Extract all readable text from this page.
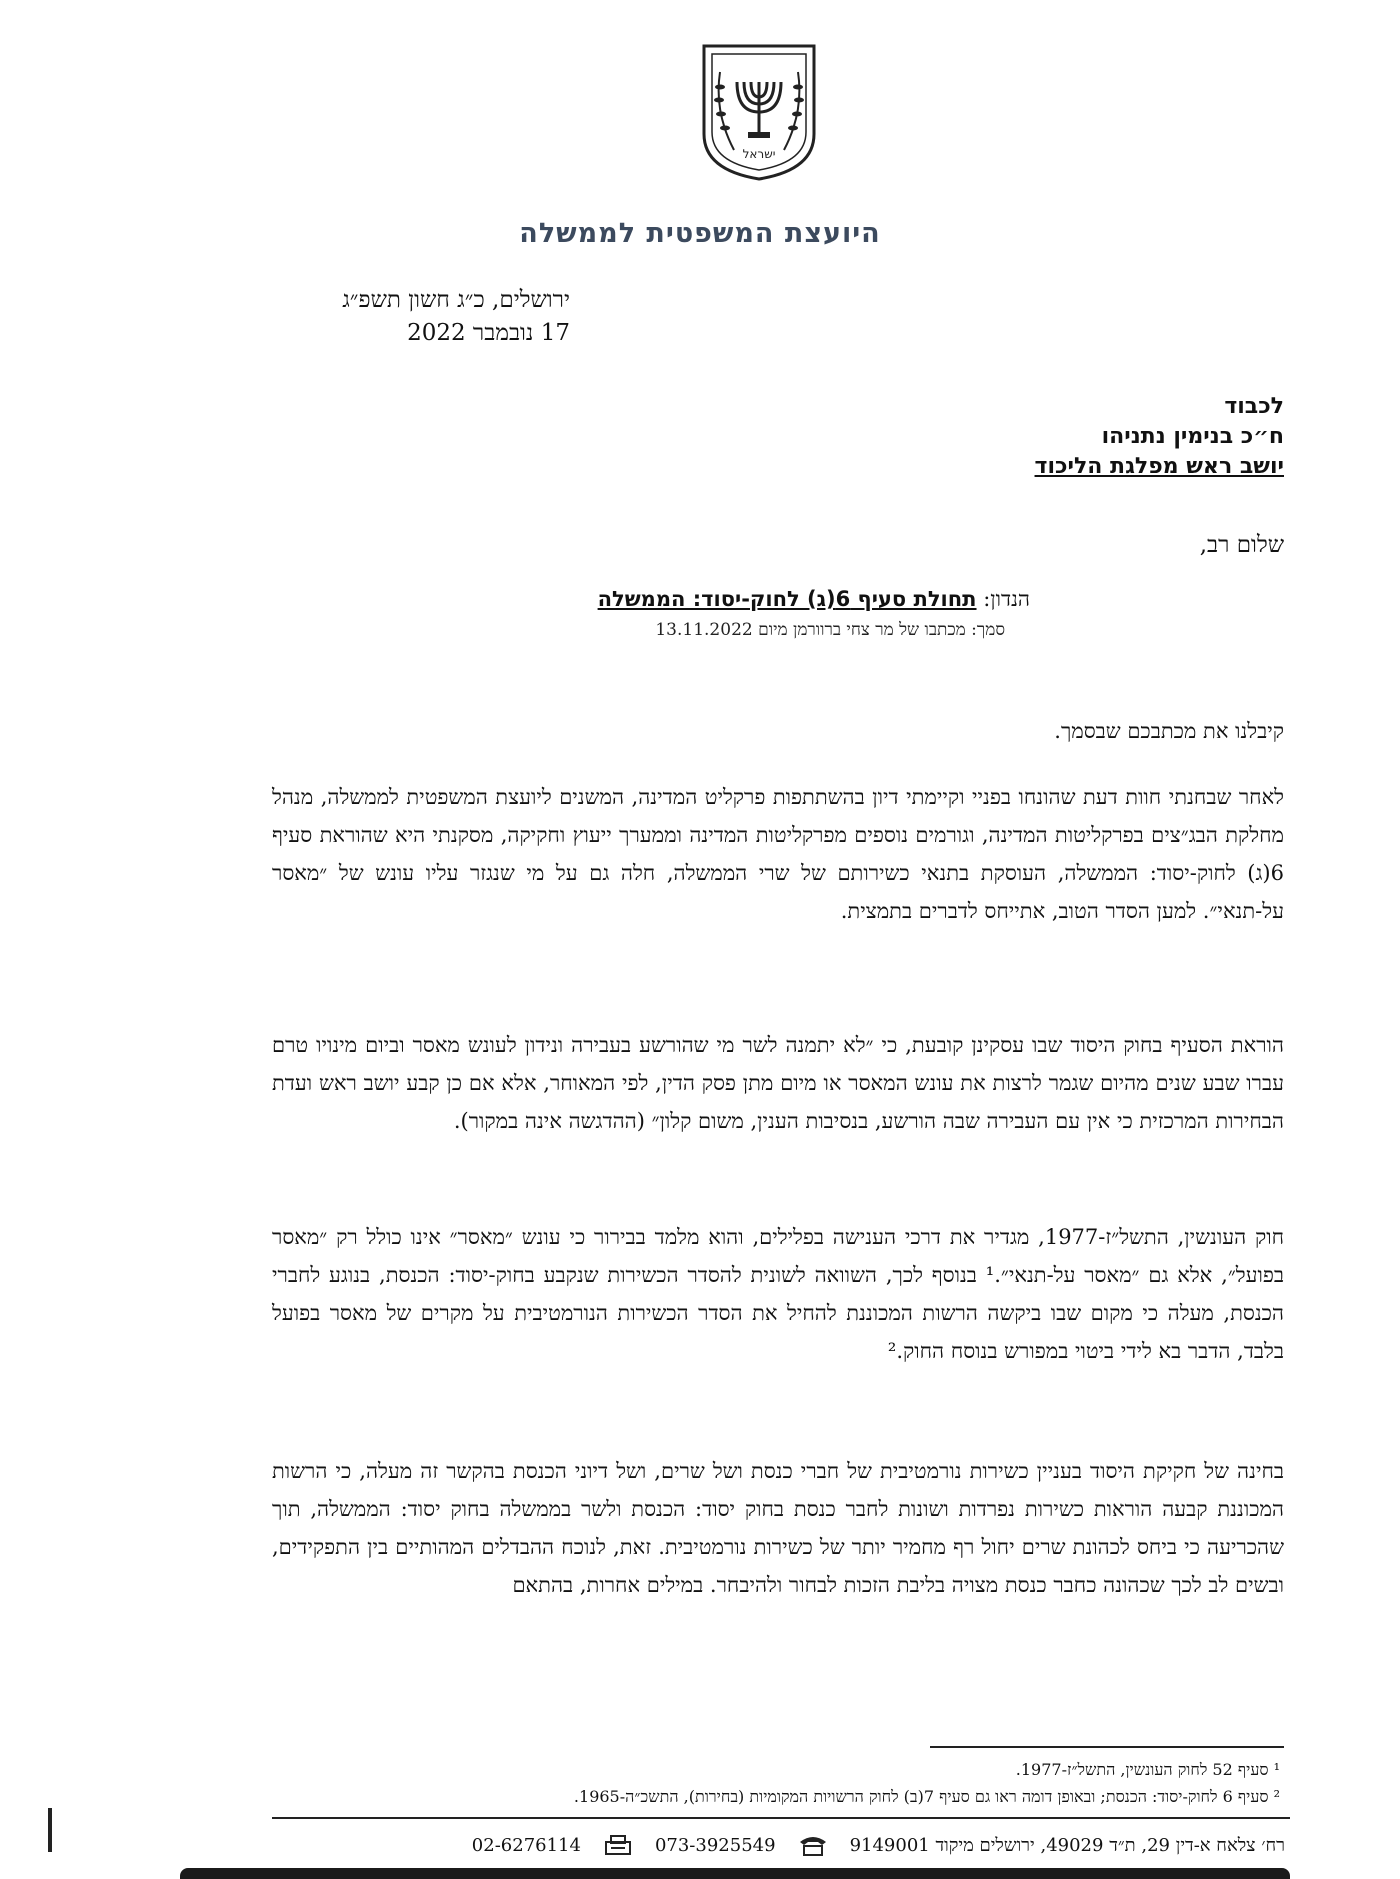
ישראל
היועצת המשפטית לממשלה
ירושלים, כ״ג חשון תשפ״ג
17 נובמבר 2022
לכבוד
ח״כ בנימין נתניהו
יושב ראש מפלגת הליכוד
שלום רב,
הנדון: תחולת סעיף 6(ג) לחוק-יסוד: הממשלה
סמך: מכתבו של מר צחי ברוורמן מיום 13.11.2022
קיבלנו את מכתבכם שבסמך.
לאחר שבחנתי חוות דעת שהונחו בפניי וקיימתי דיון בהשתתפות פרקליט המדינה, המשנים ליועצת המשפטית לממשלה, מנהל מחלקת הבג״צים בפרקליטות המדינה, וגורמים נוספים מפרקליטות המדינה וממערך ייעוץ וחקיקה, מסקנתי היא שהוראת סעיף 6(ג) לחוק-יסוד: הממשלה, העוסקת בתנאי כשירותם של שרי הממשלה, חלה גם על מי שנגזר עליו עונש של ״מאסר על-תנאי״. למען הסדר הטוב, אתייחס לדברים בתמצית.
הוראת הסעיף בחוק היסוד שבו עסקינן קובעת, כי ״לא יתמנה לשר מי שהורשע בעבירה ונידון לעונש מאסר וביום מינויו טרם עברו שבע שנים מהיום שגמר לרצות את עונש המאסר או מיום מתן פסק הדין, לפי המאוחר, אלא אם כן קבע יושב ראש ועדת הבחירות המרכזית כי אין עם העבירה שבה הורשע, בנסיבות הענין, משום קלון״ (ההדגשה אינה במקור).
חוק העונשין, התשל״ז-1977, מגדיר את דרכי הענישה בפלילים, והוא מלמד בבירור כי עונש ״מאסר״ אינו כולל רק ״מאסר בפועל״, אלא גם ״מאסר על-תנאי״.¹ בנוסף לכך, השוואה לשונית להסדר הכשירות שנקבע בחוק-יסוד: הכנסת, בנוגע לחברי הכנסת, מעלה כי מקום שבו ביקשה הרשות המכוננת להחיל את הסדר הכשירות הנורמטיבית על מקרים של מאסר בפועל בלבד, הדבר בא לידי ביטוי במפורש בנוסח החוק.²
בחינה של חקיקת היסוד בעניין כשירות נורמטיבית של חברי כנסת ושל שרים, ושל דיוני הכנסת בהקשר זה מעלה, כי הרשות המכוננת קבעה הוראות כשירות נפרדות ושונות לחבר כנסת בחוק יסוד: הכנסת ולשר בממשלה בחוק יסוד: הממשלה, תוך שהכריעה כי ביחס לכהונת שרים יחול רף מחמיר יותר של כשירות נורמטיבית. זאת, לנוכח ההבדלים המהותיים בין התפקידים, ובשים לב לכך שכהונה כחבר כנסת מצויה בליבת הזכות לבחור ולהיבחר. במילים אחרות, בהתאם
¹ סעיף 52 לחוק העונשין, התשל״ז-1977.
² סעיף 6 לחוק-יסוד: הכנסת; ובאופן דומה ראו גם סעיף 7(ב) לחוק הרשויות המקומיות (בחירות), התשכ״ה-1965.
רח׳ צלאח א-דין 29, ת״ד 49029, ירושלים מיקוד 9149001
073-3925549
02-6276114
